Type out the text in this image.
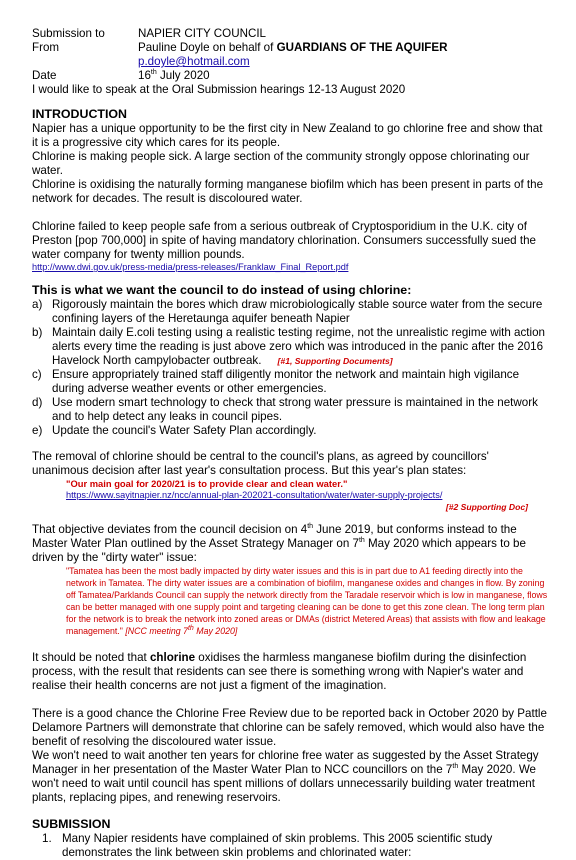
Submission to	NAPIER CITY COUNCIL
From	Pauline Doyle on behalf of GUARDIANS OF THE AQUIFER
p.doyle@hotmail.com
Date	16th July 2020

I would like to speak at the Oral Submission hearings 12-13 August 2020

INTRODUCTION

Napier has a unique opportunity to be the first city in New Zealand to go chlorine free and show that it is a progressive city which cares for its people.

Chlorine is making people sick. A large section of the community strongly oppose chlorinating our water.

Chlorine is oxidising the naturally forming manganese biofilm which has been present in parts of the network for decades. The result is discoloured water.

Chlorine failed to keep people safe from a serious outbreak of Cryptosporidium in the U.K. city of Preston [pop 700,000] in spite of having mandatory chlorination. Consumers successfully sued the water company for twenty million pounds.

http://www.dwi.gov.uk/press-media/press-releases/Franklaw_Final_Report.pdf

This is what we want the council to do instead of using chlorine:

a) Rigorously maintain the bores which draw microbiologically stable source water from the secure confining layers of the Heretaunga aquifer beneath Napier
b) Maintain daily E.coli testing using a realistic testing regime, not the unrealistic regime with action alerts every time the reading is just above zero which was introduced in the panic after the 2016 Havelock North campylobacter outbreak. [#1, Supporting Documents]
c) Ensure appropriately trained staff diligently monitor the network and maintain high vigilance during adverse weather events or other emergencies.
d) Use modern smart technology to check that strong water pressure is maintained in the network and to help detect any leaks in council pipes.
e) Update the council's Water Safety Plan accordingly.

The removal of chlorine should be central to the council's plans, as agreed by councillors' unanimous decision after last year's consultation process. But this year's plan states:

"Our main goal for 2020/21 is to provide clear and clean water."

https://www.sayitnapier.nz/ncc/annual-plan-202021-consultation/water/water-supply-projects/

[#2 Supporting Doc]

That objective deviates from the council decision on 4th June 2019, but conforms instead to the Master Water Plan outlined by the Asset Strategy Manager on 7th May 2020 which appears to be driven by the "dirty water" issue:

"Tamatea has been the most badly impacted by dirty water issues and this is in part due to A1 feeding directly into the network in Tamatea. The dirty water issues are a combination of biofilm, manganese oxides and changes in flow. By zoning off Tamatea/Parklands Council can supply the network directly from the Taradale reservoir which is low in manganese, flows can be better managed with one supply point and targeting cleaning can be done to get this zone clean. The long term plan for the network is to break the network into zoned areas or DMAs (district Metered Areas) that assists with flow and leakage management." [NCC meeting 7th May 2020]

It should be noted that chlorine oxidises the harmless manganese biofilm during the disinfection process, with the result that residents can see there is something wrong with Napier's water and realise their health concerns are not just a figment of the imagination.

There is a good chance the Chlorine Free Review due to be reported back in October 2020 by Pattle Delamore Partners will demonstrate that chlorine can be safely removed, which would also have the benefit of resolving the discoloured water issue.

We won't need to wait another ten years for chlorine free water as suggested by the Asset Strategy Manager in her presentation of the Master Water Plan to NCC councillors on the 7th May 2020. We won't need to wait until council has spent millions of dollars unnecessarily building water treatment plants, replacing pipes, and renewing reservoirs.

SUBMISSION

1. Many Napier residents have complained of skin problems. This 2005 scientific study demonstrates the link between skin problems and chlorinated water:
